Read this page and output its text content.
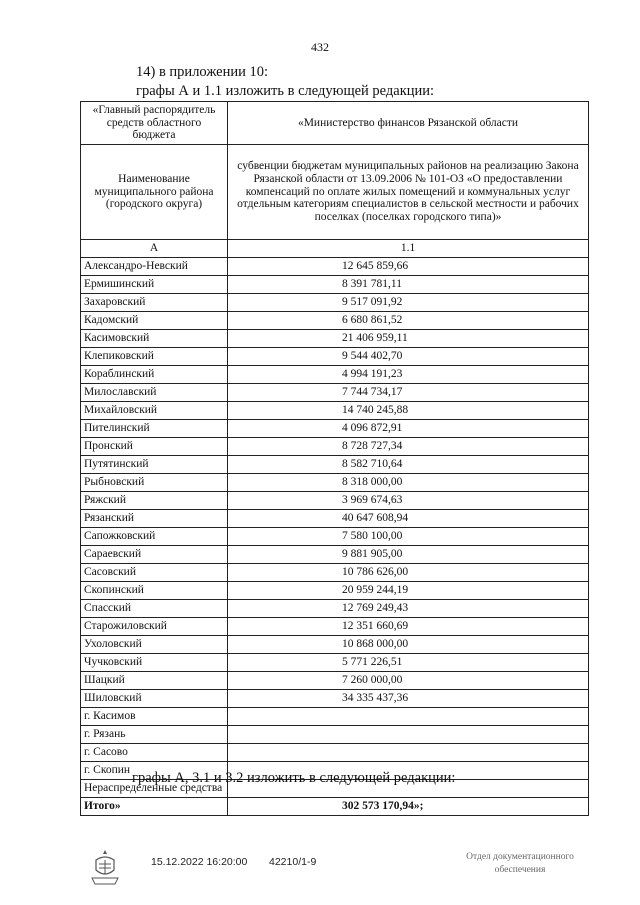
432
14) в приложении 10:
графы А и 1.1 изложить в следующей редакции:
«Главный распорядитель средств областного бюджета	«Министерство финансов Рязанской области
Наименование муниципального района (городского округа)	субвенции бюджетам муниципальных районов на реализацию Закона Рязанской области от 13.09.2006 № 101-ОЗ «О предоставлении компенсаций по оплате жилых помещений и коммунальных услуг отдельным категориям специалистов в сельской местности и рабочих поселках (поселках городского типа)»
А	1.1
Александро-Невский	12 645 859,66
Ермишинский	8 391 781,11
Захаровский	9 517 091,92
Кадомский	6 680 861,52
Касимовский	21 406 959,11
Клепиковский	9 544 402,70
Кораблинский	4 994 191,23
Милославский	7 744 734,17
Михайловский	14 740 245,88
Пителинский	4 096 872,91
Пронский	8 728 727,34
Путятинский	8 582 710,64
Рыбновский	8 318 000,00
Ряжский	3 969 674,63
Рязанский	40 647 608,94
Сапожковский	7 580 100,00
Сараевский	9 881 905,00
Сасовский	10 786 626,00
Скопинский	20 959 244,19
Спасский	12 769 249,43
Старожиловский	12 351 660,69
Ухоловский	10 868 000,00
Чучковский	5 771 226,51
Шацкий	7 260 000,00
Шиловский	34 335 437,36
г. Касимов	
г. Рязань	
г. Сасово	
г. Скопин	
Нераспределенные средства	
Итого»	302 573 170,94»;
графы А, 3.1 и 3.2 изложить в следующей редакции:
15.12.2022 16:20:00 42210/1-9	Отдел документационного
обеспечения
